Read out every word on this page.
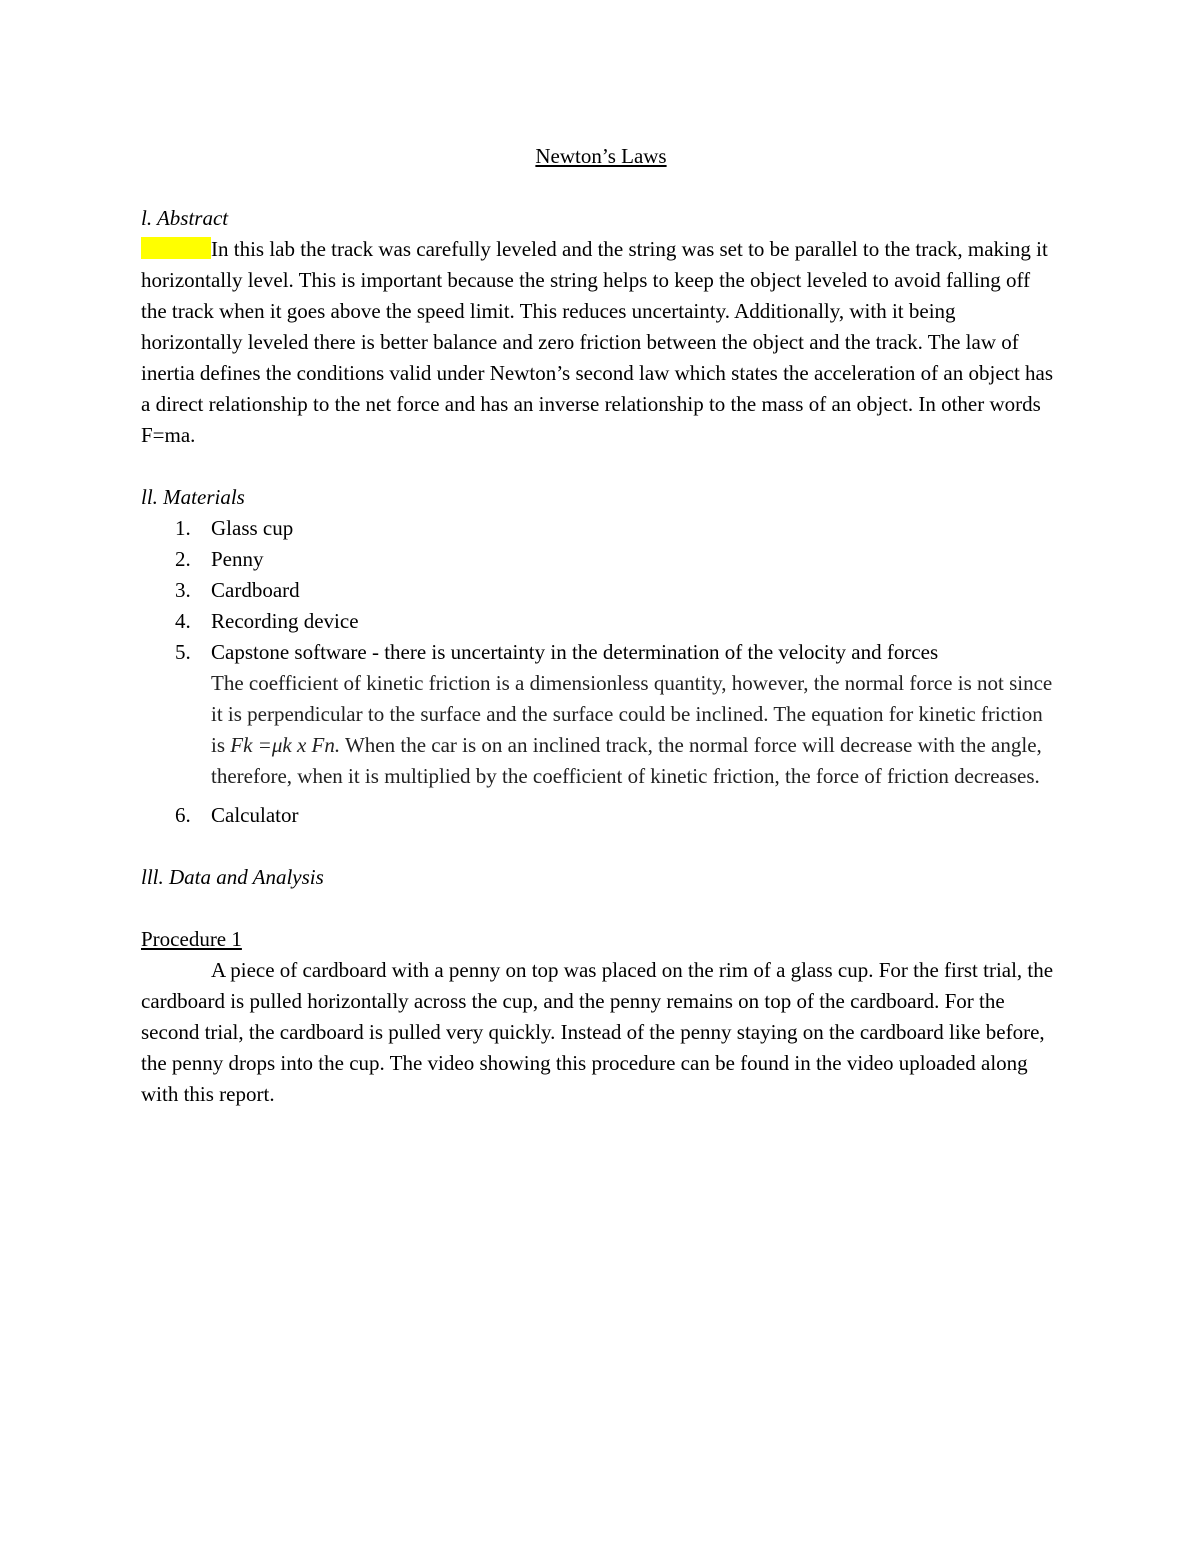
Newton’s Laws

l. Abstract

In this lab the track was carefully leveled and the string was set to be parallel to the track, making it horizontally level. This is important because the string helps to keep the object leveled to avoid falling off the track when it goes above the speed limit. This reduces uncertainty. Additionally, with it being horizontally leveled there is better balance and zero friction between the object and the track. The law of inertia defines the conditions valid under Newton’s second law which states the acceleration of an object has a direct relationship to the net force and has an inverse relationship to the mass of an object. In other words F=ma.

ll. Materials

1. Glass cup
2. Penny
3. Cardboard
4. Recording device
5. Capstone software - there is uncertainty in the determination of the velocity and forces
The coefficient of kinetic friction is a dimensionless quantity, however, the normal force is not since it is perpendicular to the surface and the surface could be inclined. The equation for kinetic friction is Fk =μk x Fn. When the car is on an inclined track, the normal force will decrease with the angle, therefore, when it is multiplied by the coefficient of kinetic friction, the force of friction decreases.
6. Calculator

lll. Data and Analysis

Procedure 1

A piece of cardboard with a penny on top was placed on the rim of a glass cup. For the first trial, the cardboard is pulled horizontally across the cup, and the penny remains on top of the cardboard. For the second trial, the cardboard is pulled very quickly. Instead of the penny staying on the cardboard like before, the penny drops into the cup. The video showing this procedure can be found in the video uploaded along with this report.
